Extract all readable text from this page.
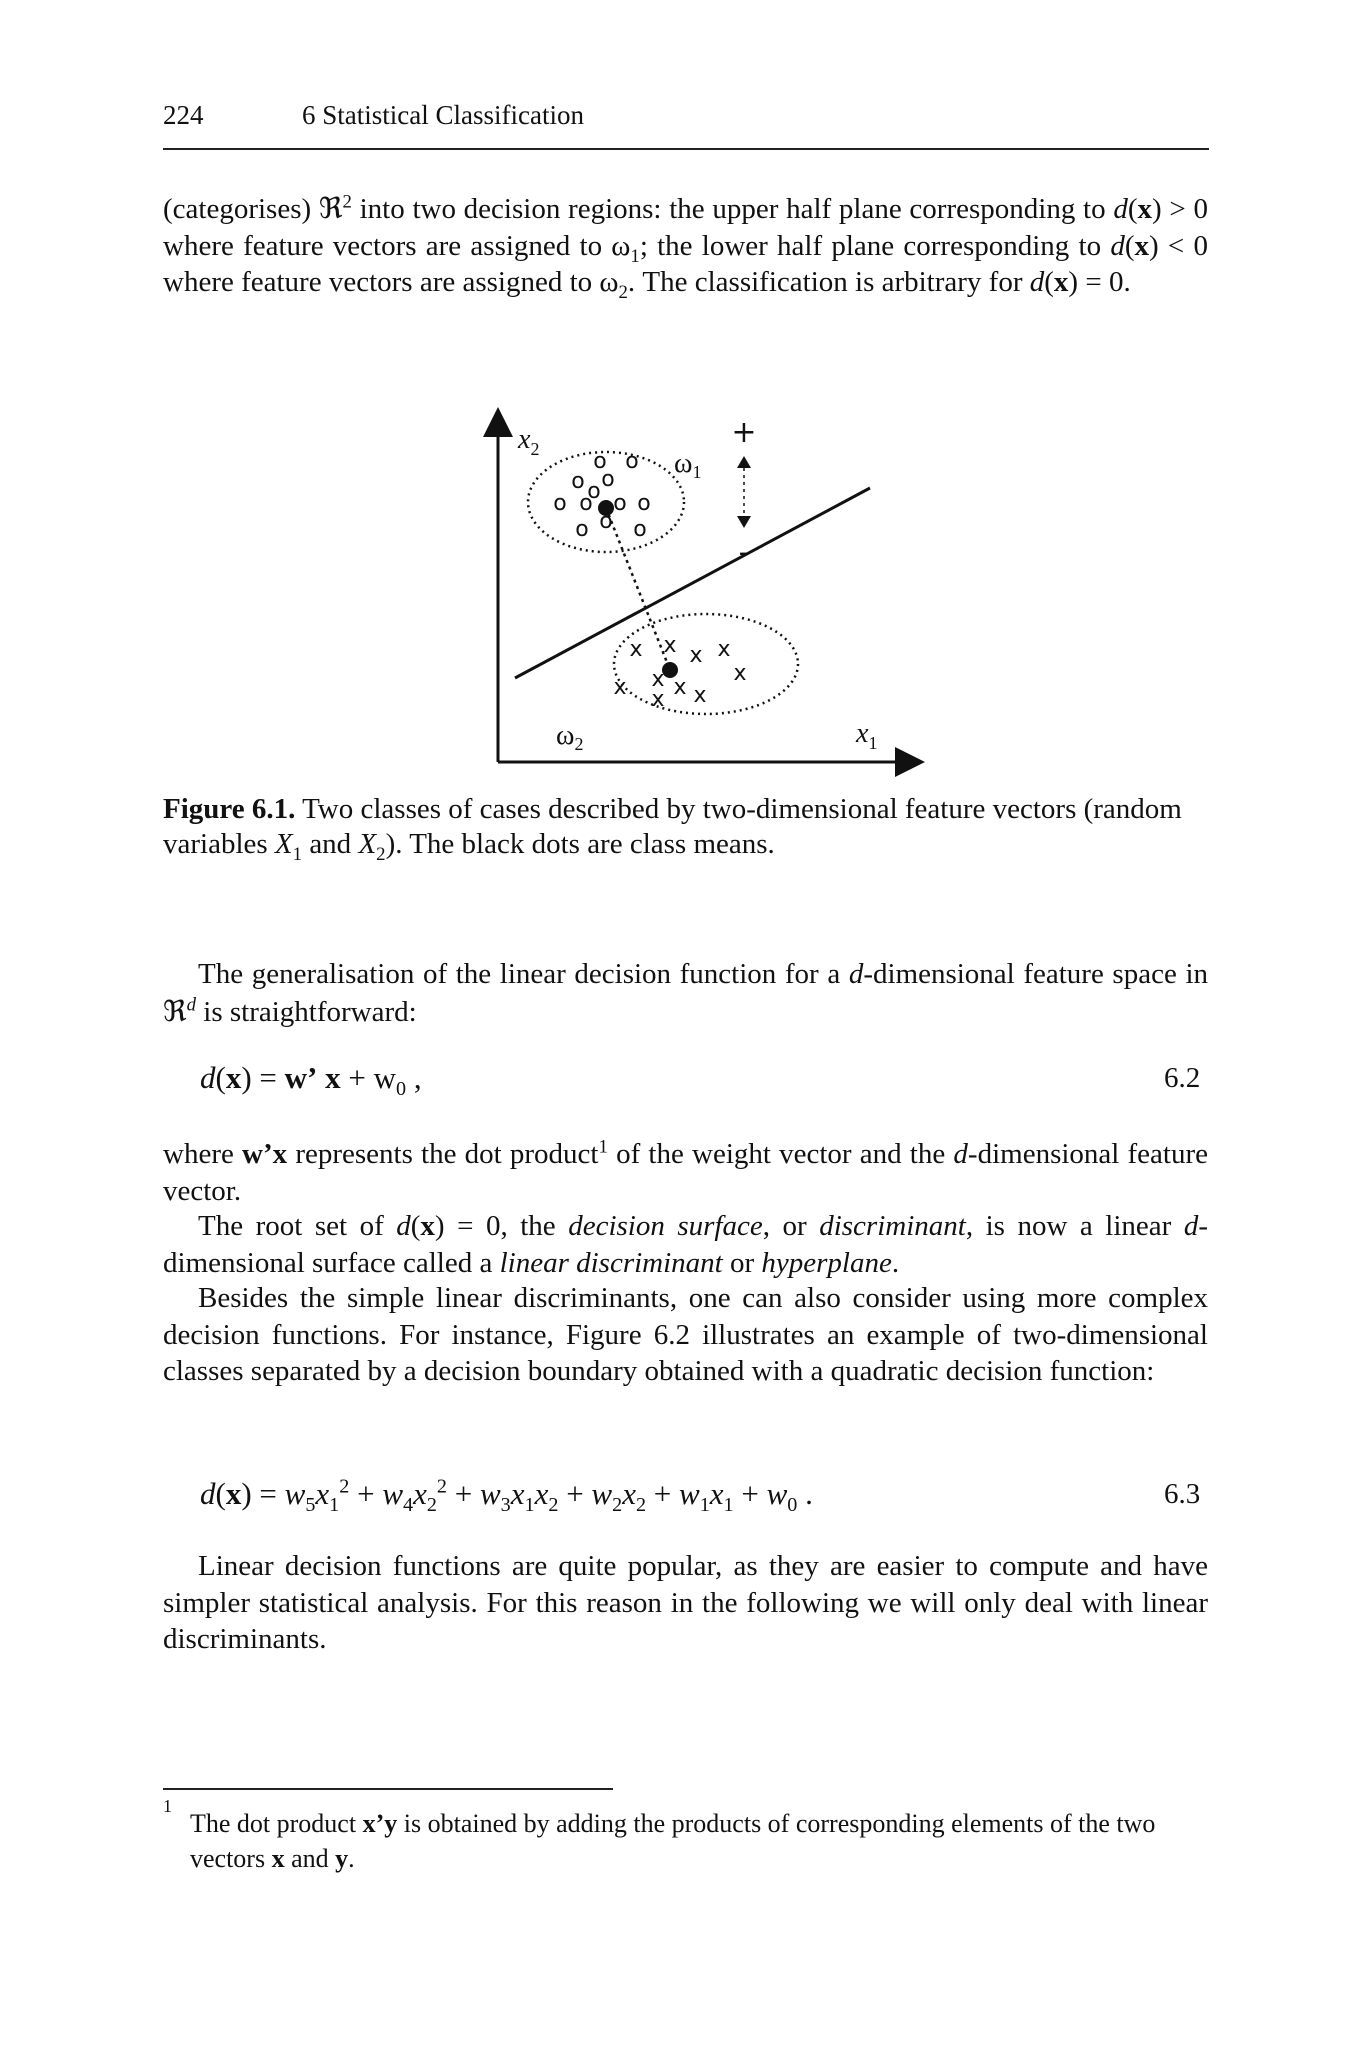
224	6 Statistical Classification
(categorises) ℜ$^2$ into two decision regions: the upper half plane corresponding to d(x) > 0 where feature vectors are assigned to $\omega_1$; the lower half plane corresponding to d(x) < 0 where feature vectors are assigned to $\omega_2$. The classification is arbitrary for d(x) = 0.
$x_2$
$x_1$
o o
o o
o
o o o o
o
o o
x x x x
x
x x x
x x
$\omega_1$
$\omega_2$
+
-
Figure 6.1. Two classes of cases described by two-dimensional feature vectors (random variables $X_1$ and $X_2$). The black dots are class means.
The generalisation of the linear decision function for a d-dimensional feature space in ℜ$^d$ is straightforward:
d(x) = w’ $x + w_0$ ,	6.2
where w’x represents the dot product$^1$ of the weight vector and the d-dimensional feature vector.
The root set of d(x) = 0, the decision surface, or discriminant, is now a linear d-dimensional surface called a linear discriminant or hyperplane.
Besides the simple linear discriminants, one can also consider using more complex decision functions. For instance, Figure 6.2 illustrates an example of two-dimensional classes separated by a decision boundary obtained with a quadratic decision function:
$d(x) = w_5x_1^2 + w_4x_2^2 + w_3x_1x_2 + w_2x_2 + w_1x_1 + w_0$ .	6.3
Linear decision functions are quite popular, as they are easier to compute and have simpler statistical analysis. For this reason in the following we will only deal with linear discriminants.
1
The dot product x’y is obtained by adding the products of corresponding elements of the two vectors x and y.
